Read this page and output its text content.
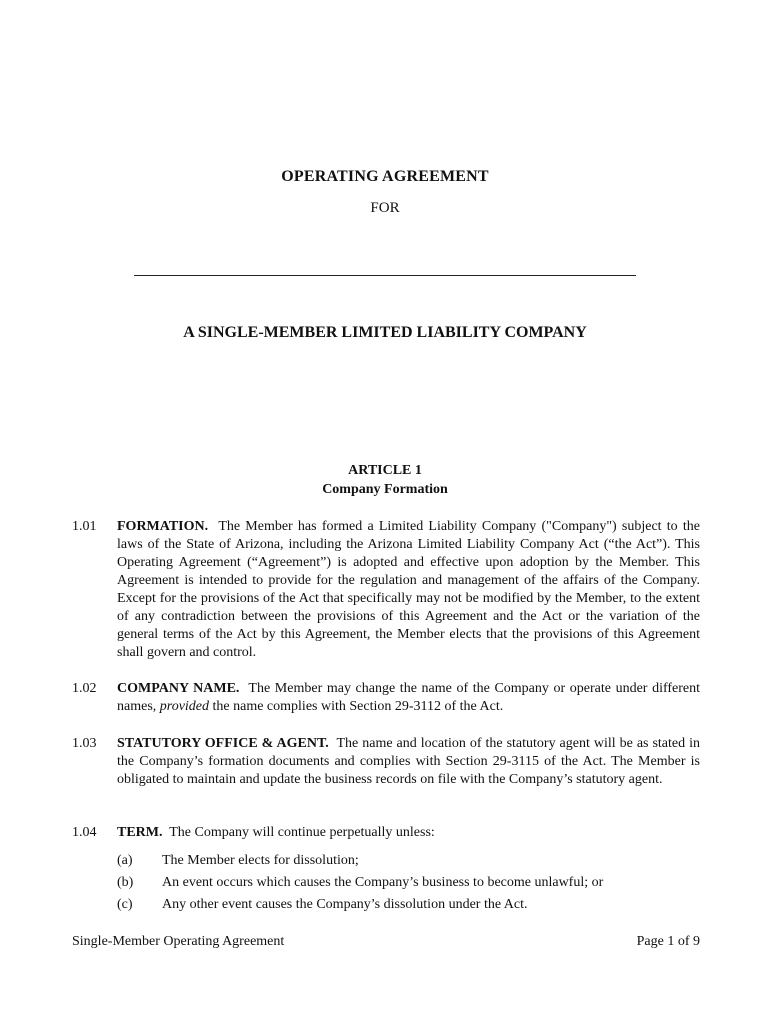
OPERATING AGREEMENT
FOR
A SINGLE-MEMBER LIMITED LIABILITY COMPANY
ARTICLE 1
Company Formation
1.01	FORMATION. The Member has formed a Limited Liability Company ("Company") subject to the laws of the State of Arizona, including the Arizona Limited Liability Company Act (“the Act”). This Operating Agreement (“Agreement”) is adopted and effective upon adoption by the Member. This Agreement is intended to provide for the regulation and management of the affairs of the Company. Except for the provisions of the Act that specifically may not be modified by the Member, to the extent of any contradiction between the provisions of this Agreement and the Act or the variation of the general terms of the Act by this Agreement, the Member elects that the provisions of this Agreement shall govern and control.
1.02	COMPANY NAME. The Member may change the name of the Company or operate under different names, provided the name complies with Section 29-3112 of the Act.
1.03	STATUTORY OFFICE & AGENT. The name and location of the statutory agent will be as stated in the Company’s formation documents and complies with Section 29-3115 of the Act. The Member is obligated to maintain and update the business records on file with the Company’s statutory agent.
1.04	TERM. The Company will continue perpetually unless:
(a) The Member elects for dissolution;
(b) An event occurs which causes the Company’s business to become unlawful; or
(c) Any other event causes the Company’s dissolution under the Act.
Single-Member Operating Agreement	Page 1 of 9
